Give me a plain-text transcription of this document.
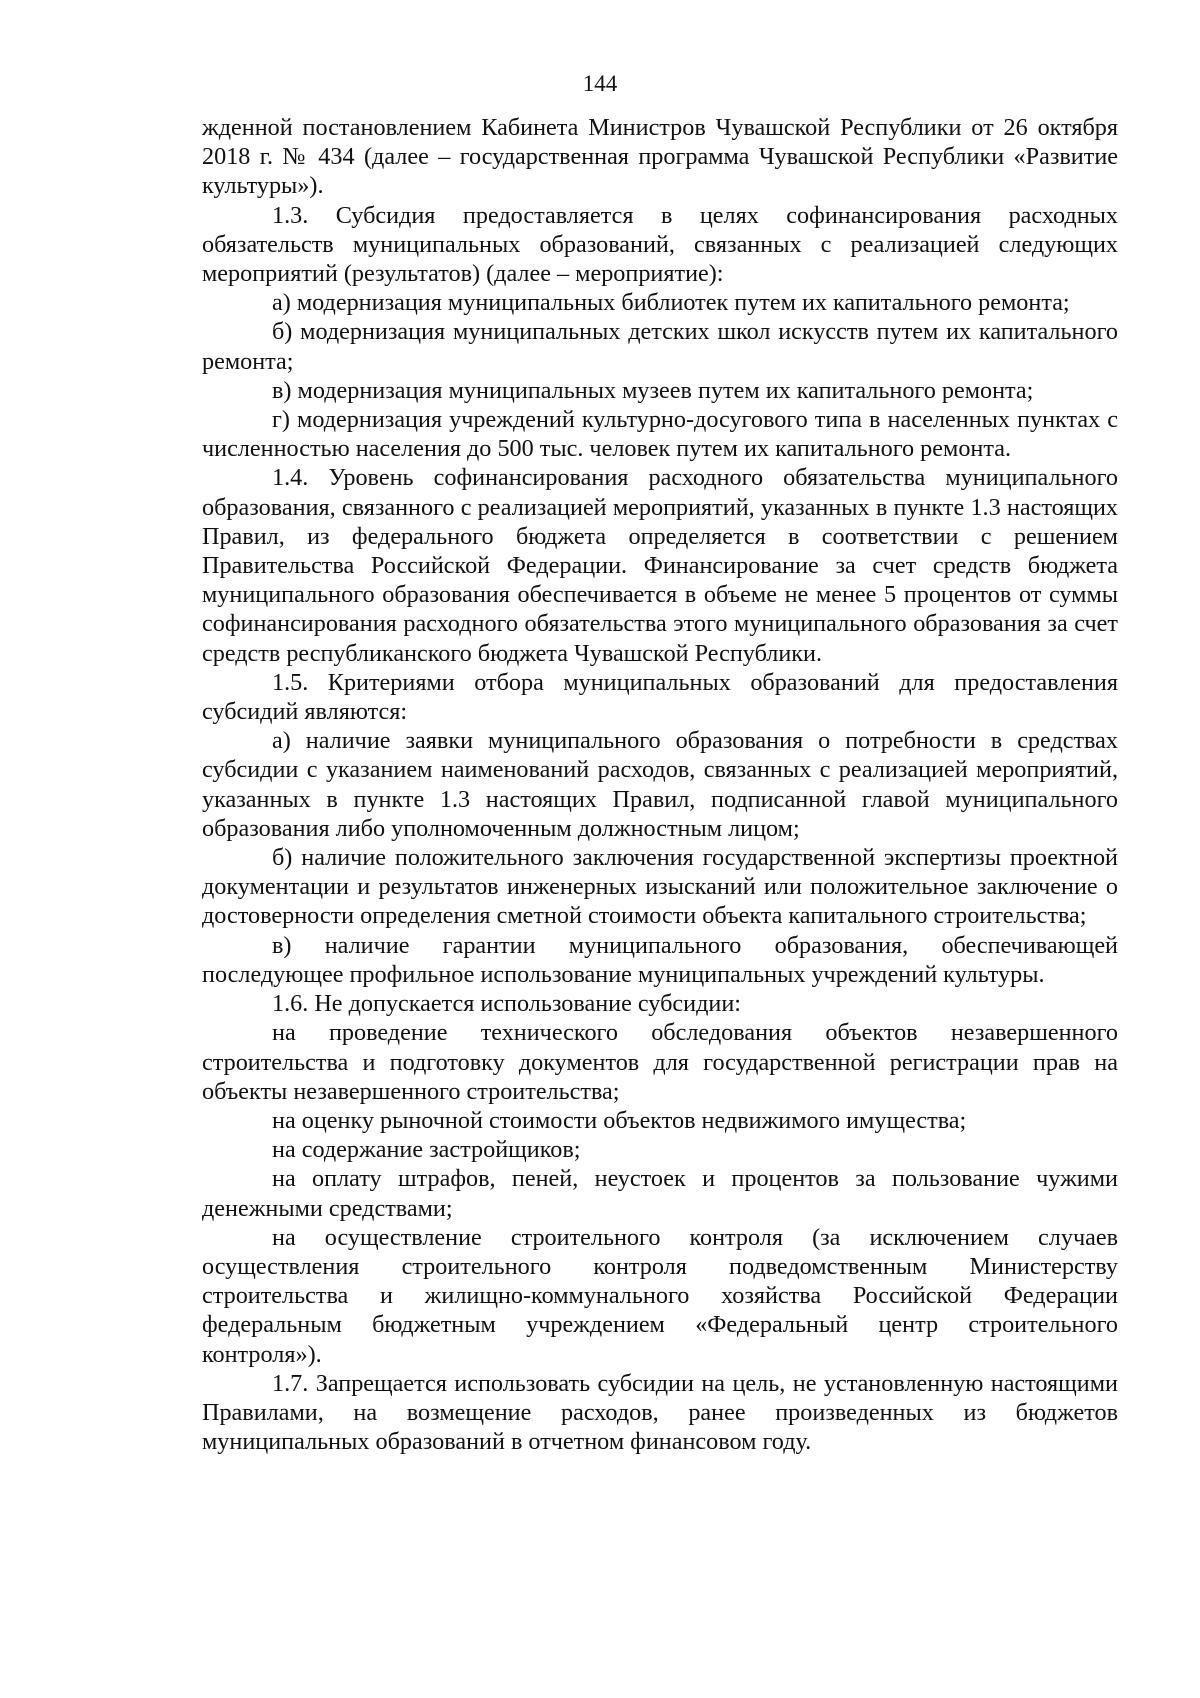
144

жденной постановлением Кабинета Министров Чувашской Республики от 26 октября 2018 г. № 434 (далее – государственная программа Чувашской Республики «Развитие культуры»).

1.3. Субсидия предоставляется в целях софинансирования расходных обязательств муниципальных образований, связанных с реализацией следующих мероприятий (результатов) (далее – мероприятие):

а) модернизация муниципальных библиотек путем их капитального ремонта;

б) модернизация муниципальных детских школ искусств путем их капитального ремонта;

в) модернизация муниципальных музеев путем их капитального ремонта;

г) модернизация учреждений культурно-досугового типа в населенных пунктах с численностью населения до 500 тыс. человек путем их капитального ремонта.

1.4. Уровень софинансирования расходного обязательства муниципального образования, связанного с реализацией мероприятий, указанных в пункте 1.3 настоящих Правил, из федерального бюджета определяется в соответствии с решением Правительства Российской Федерации. Финансирование за счет средств бюджета муниципального образования обеспечивается в объеме не менее 5 процентов от суммы софинансирования расходного обязательства этого муниципального образования за счет средств республиканского бюджета Чувашской Республики.

1.5. Критериями отбора муниципальных образований для предоставления субсидий являются:

а) наличие заявки муниципального образования о потребности в средствах субсидии с указанием наименований расходов, связанных с реализацией мероприятий, указанных в пункте 1.3 настоящих Правил, подписанной главой муниципального образования либо уполномоченным должностным лицом;

б) наличие положительного заключения государственной экспертизы проектной документации и результатов инженерных изысканий или положительное заключение о достоверности определения сметной стоимости объекта капитального строительства;

в) наличие гарантии муниципального образования, обеспечивающей последующее профильное использование муниципальных учреждений культуры.

1.6. Не допускается использование субсидии:

на проведение технического обследования объектов незавершенного строительства и подготовку документов для государственной регистрации прав на объекты незавершенного строительства;

на оценку рыночной стоимости объектов недвижимого имущества;

на содержание застройщиков;

на оплату штрафов, пеней, неустоек и процентов за пользование чужими денежными средствами;

на осуществление строительного контроля (за исключением случаев осуществления строительного контроля подведомственным Министерству строительства и жилищно-коммунального хозяйства Российской Федерации федеральным бюджетным учреждением «Федеральный центр строительного контроля»).

1.7. Запрещается использовать субсидии на цель, не установленную настоящими Правилами, на возмещение расходов, ранее произведенных из бюджетов муниципальных образований в отчетном финансовом году.
